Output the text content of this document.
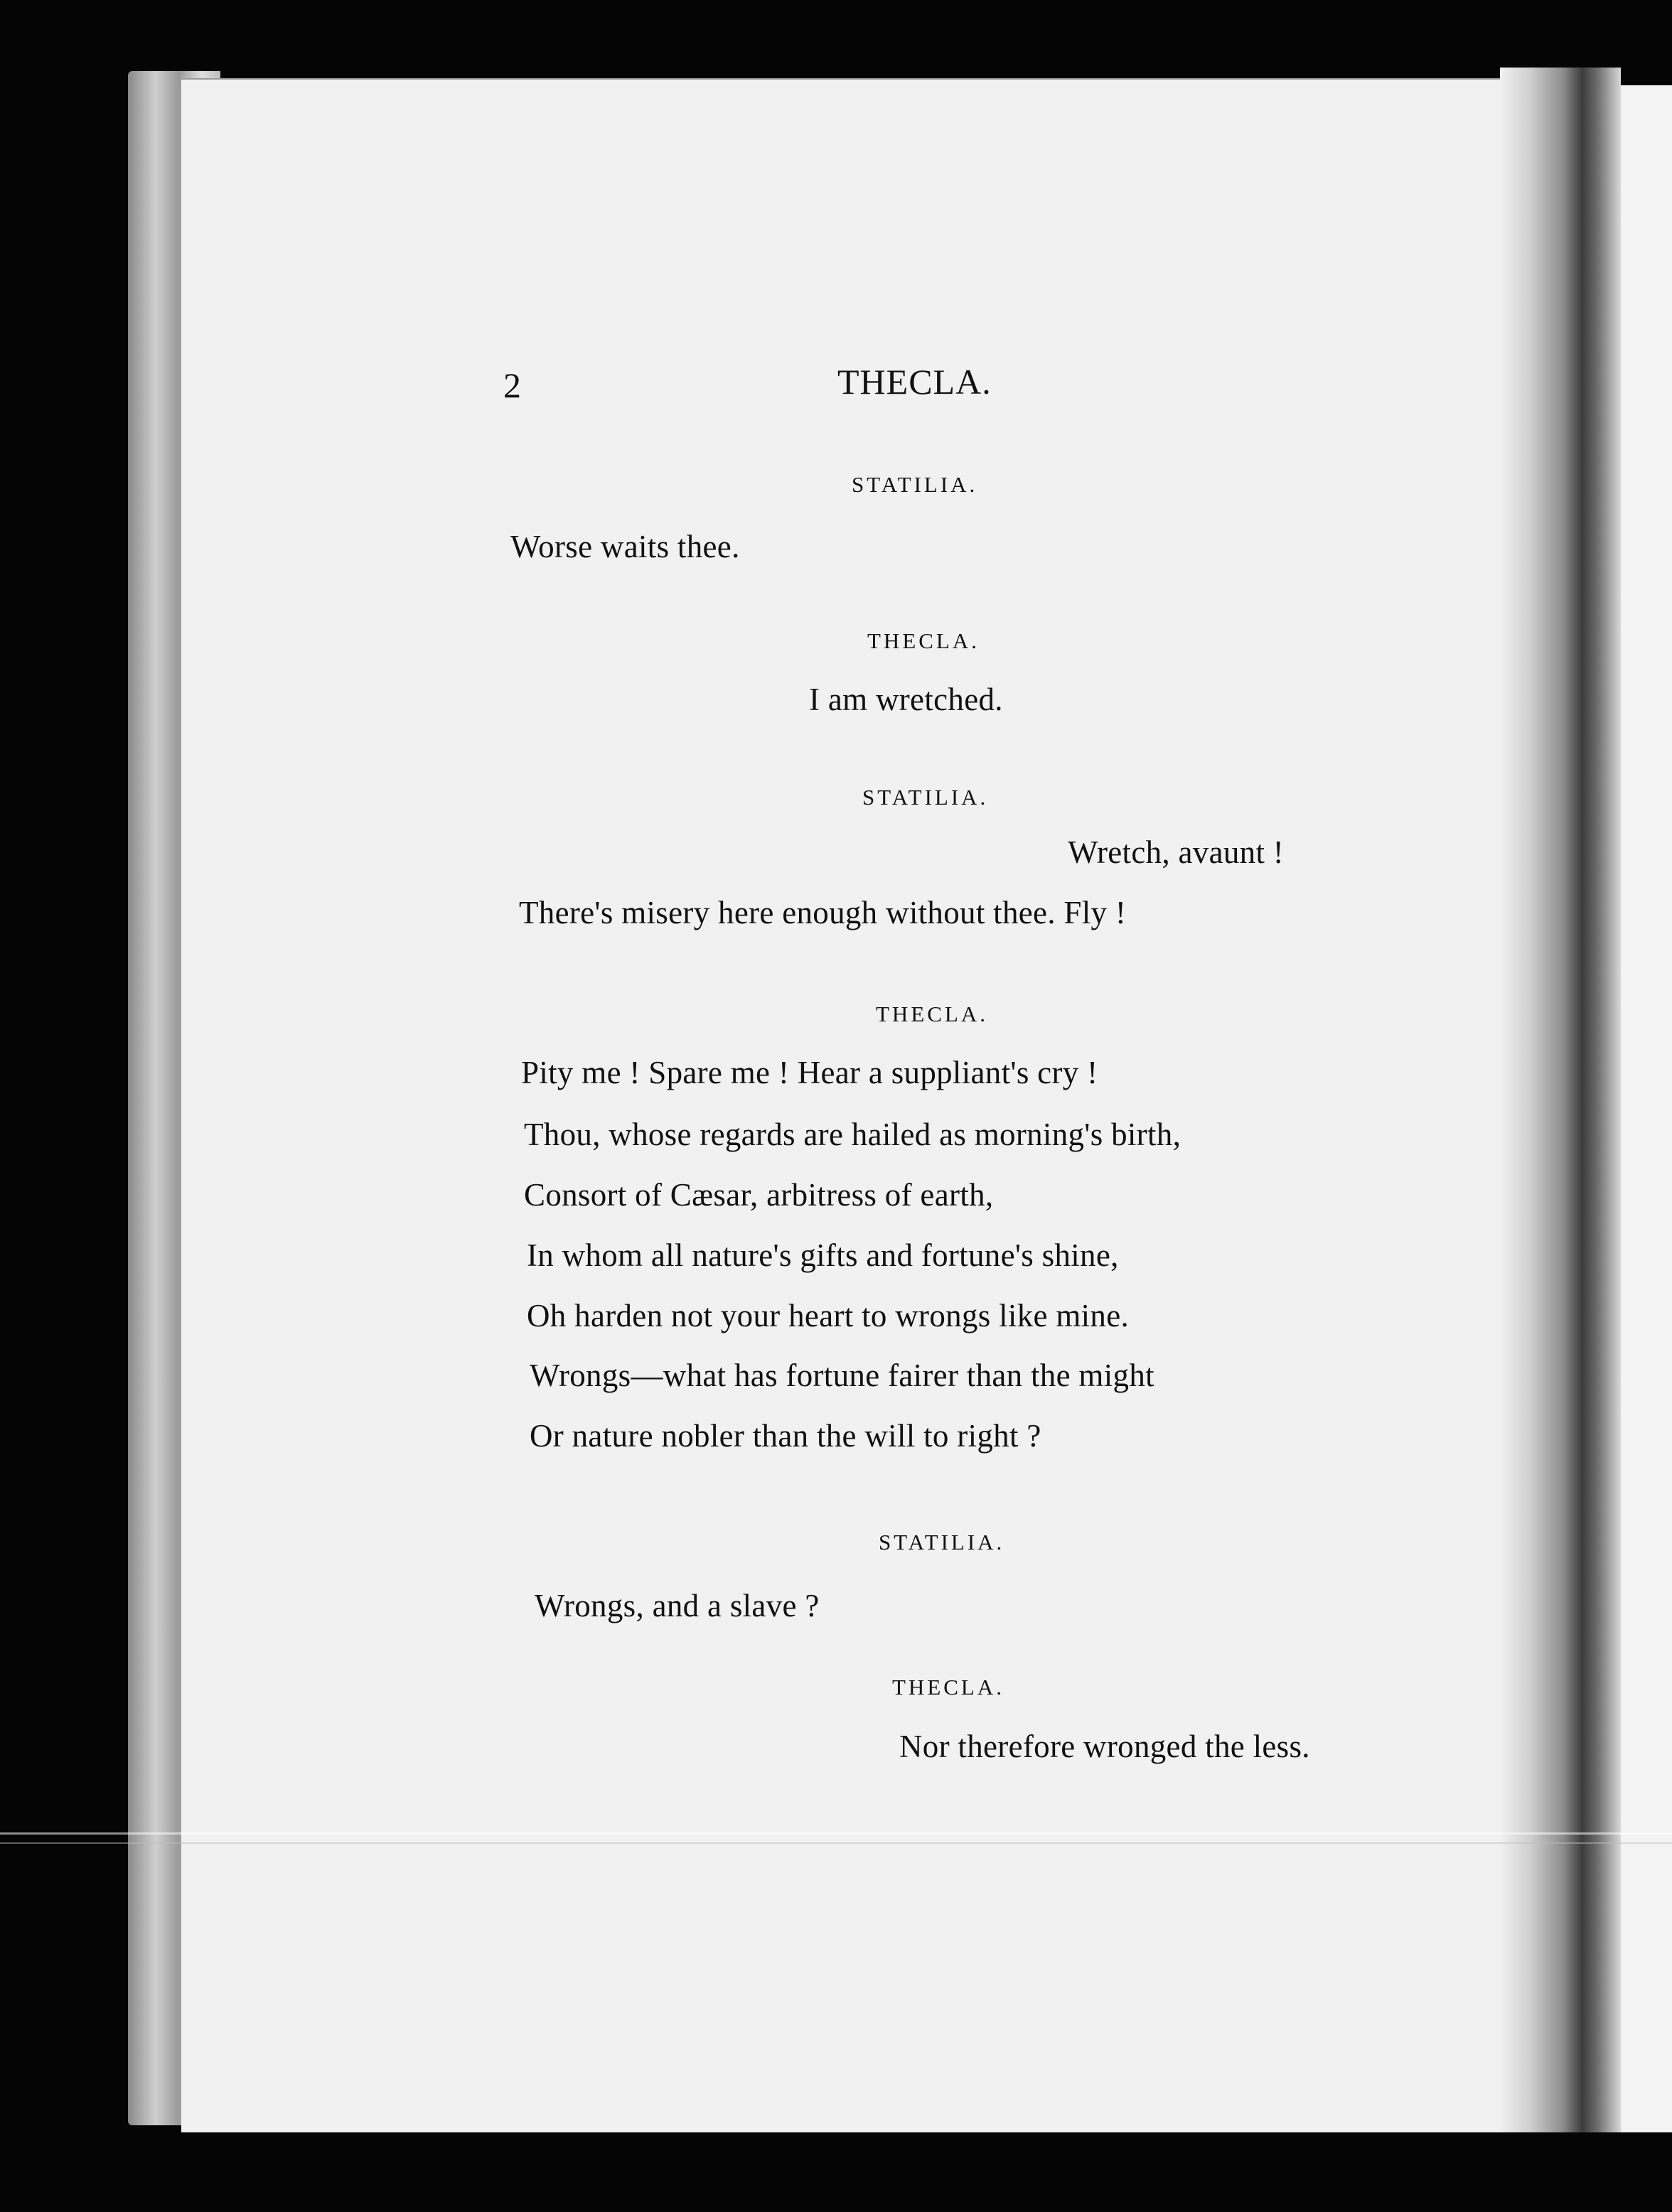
2	THECLA.
STATILIA.
Worse waits thee.
THECLA.
I am wretched.
STATILIA.
Wretch, avaunt !
There's misery here enough without thee. Fly !
THECLA.
Pity me ! Spare me ! Hear a suppliant's cry !
Thou, whose regards are hailed as morning's birth,
Consort of Cæsar, arbitress of earth,
In whom all nature's gifts and fortune's shine,
Oh harden not your heart to wrongs like mine.
Wrongs—what has fortune fairer than the might
Or nature nobler than the will to right ?
STATILIA.
Wrongs, and a slave ?
THECLA.
Nor therefore wronged the less.
